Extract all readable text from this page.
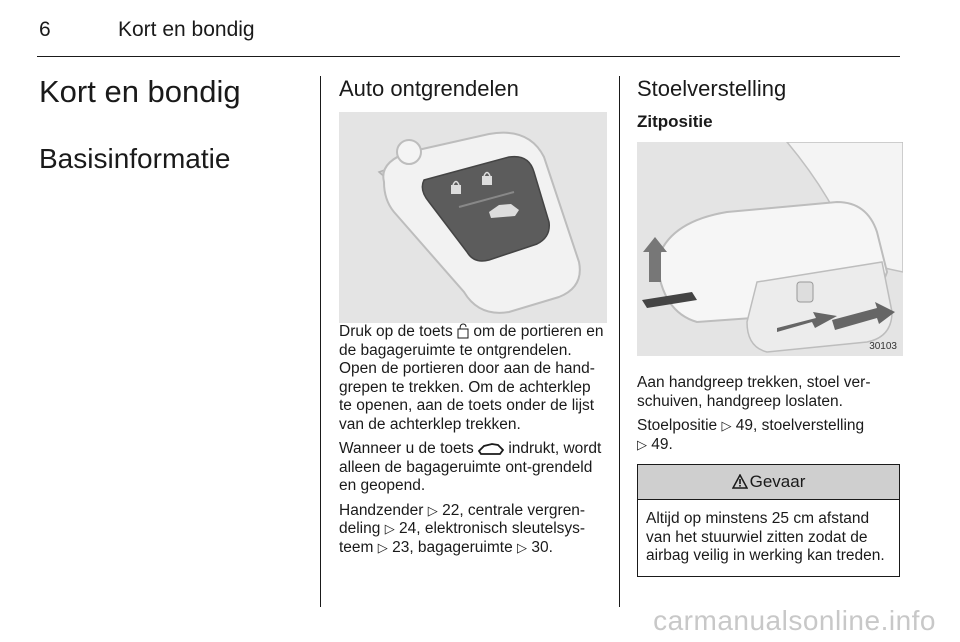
6	Kort en bondig
Kort en bondig
Basisinformatie
Auto ontgrendelen

Druk op de toets  om de portieren en de bagageruimte te ontgrendelen. Open de portieren door aan de hand-grepen te trekken. Om de achterklep te openen, aan de toets onder de lijst van de achterklep trekken.

Wanneer u de toets  indrukt, wordt alleen de bagageruimte ont-grendeld en geopend.

Handzender ▷ 22, centrale vergren-deling ▷ 24, elektronisch sleutelsys-teem ▷ 23, bagageruimte ▷ 30.

Stoelverstelling
Zitpositie
30103

Aan handgreep trekken, stoel ver-schuiven, handgreep loslaten.

Stoelpositie ▷ 49, stoelverstelling
▷ 49.

Gevaar
Altijd op minstens 25 cm afstand van het stuurwiel zitten zodat de airbag veilig in werking kan treden.
carmanualsonline.info
